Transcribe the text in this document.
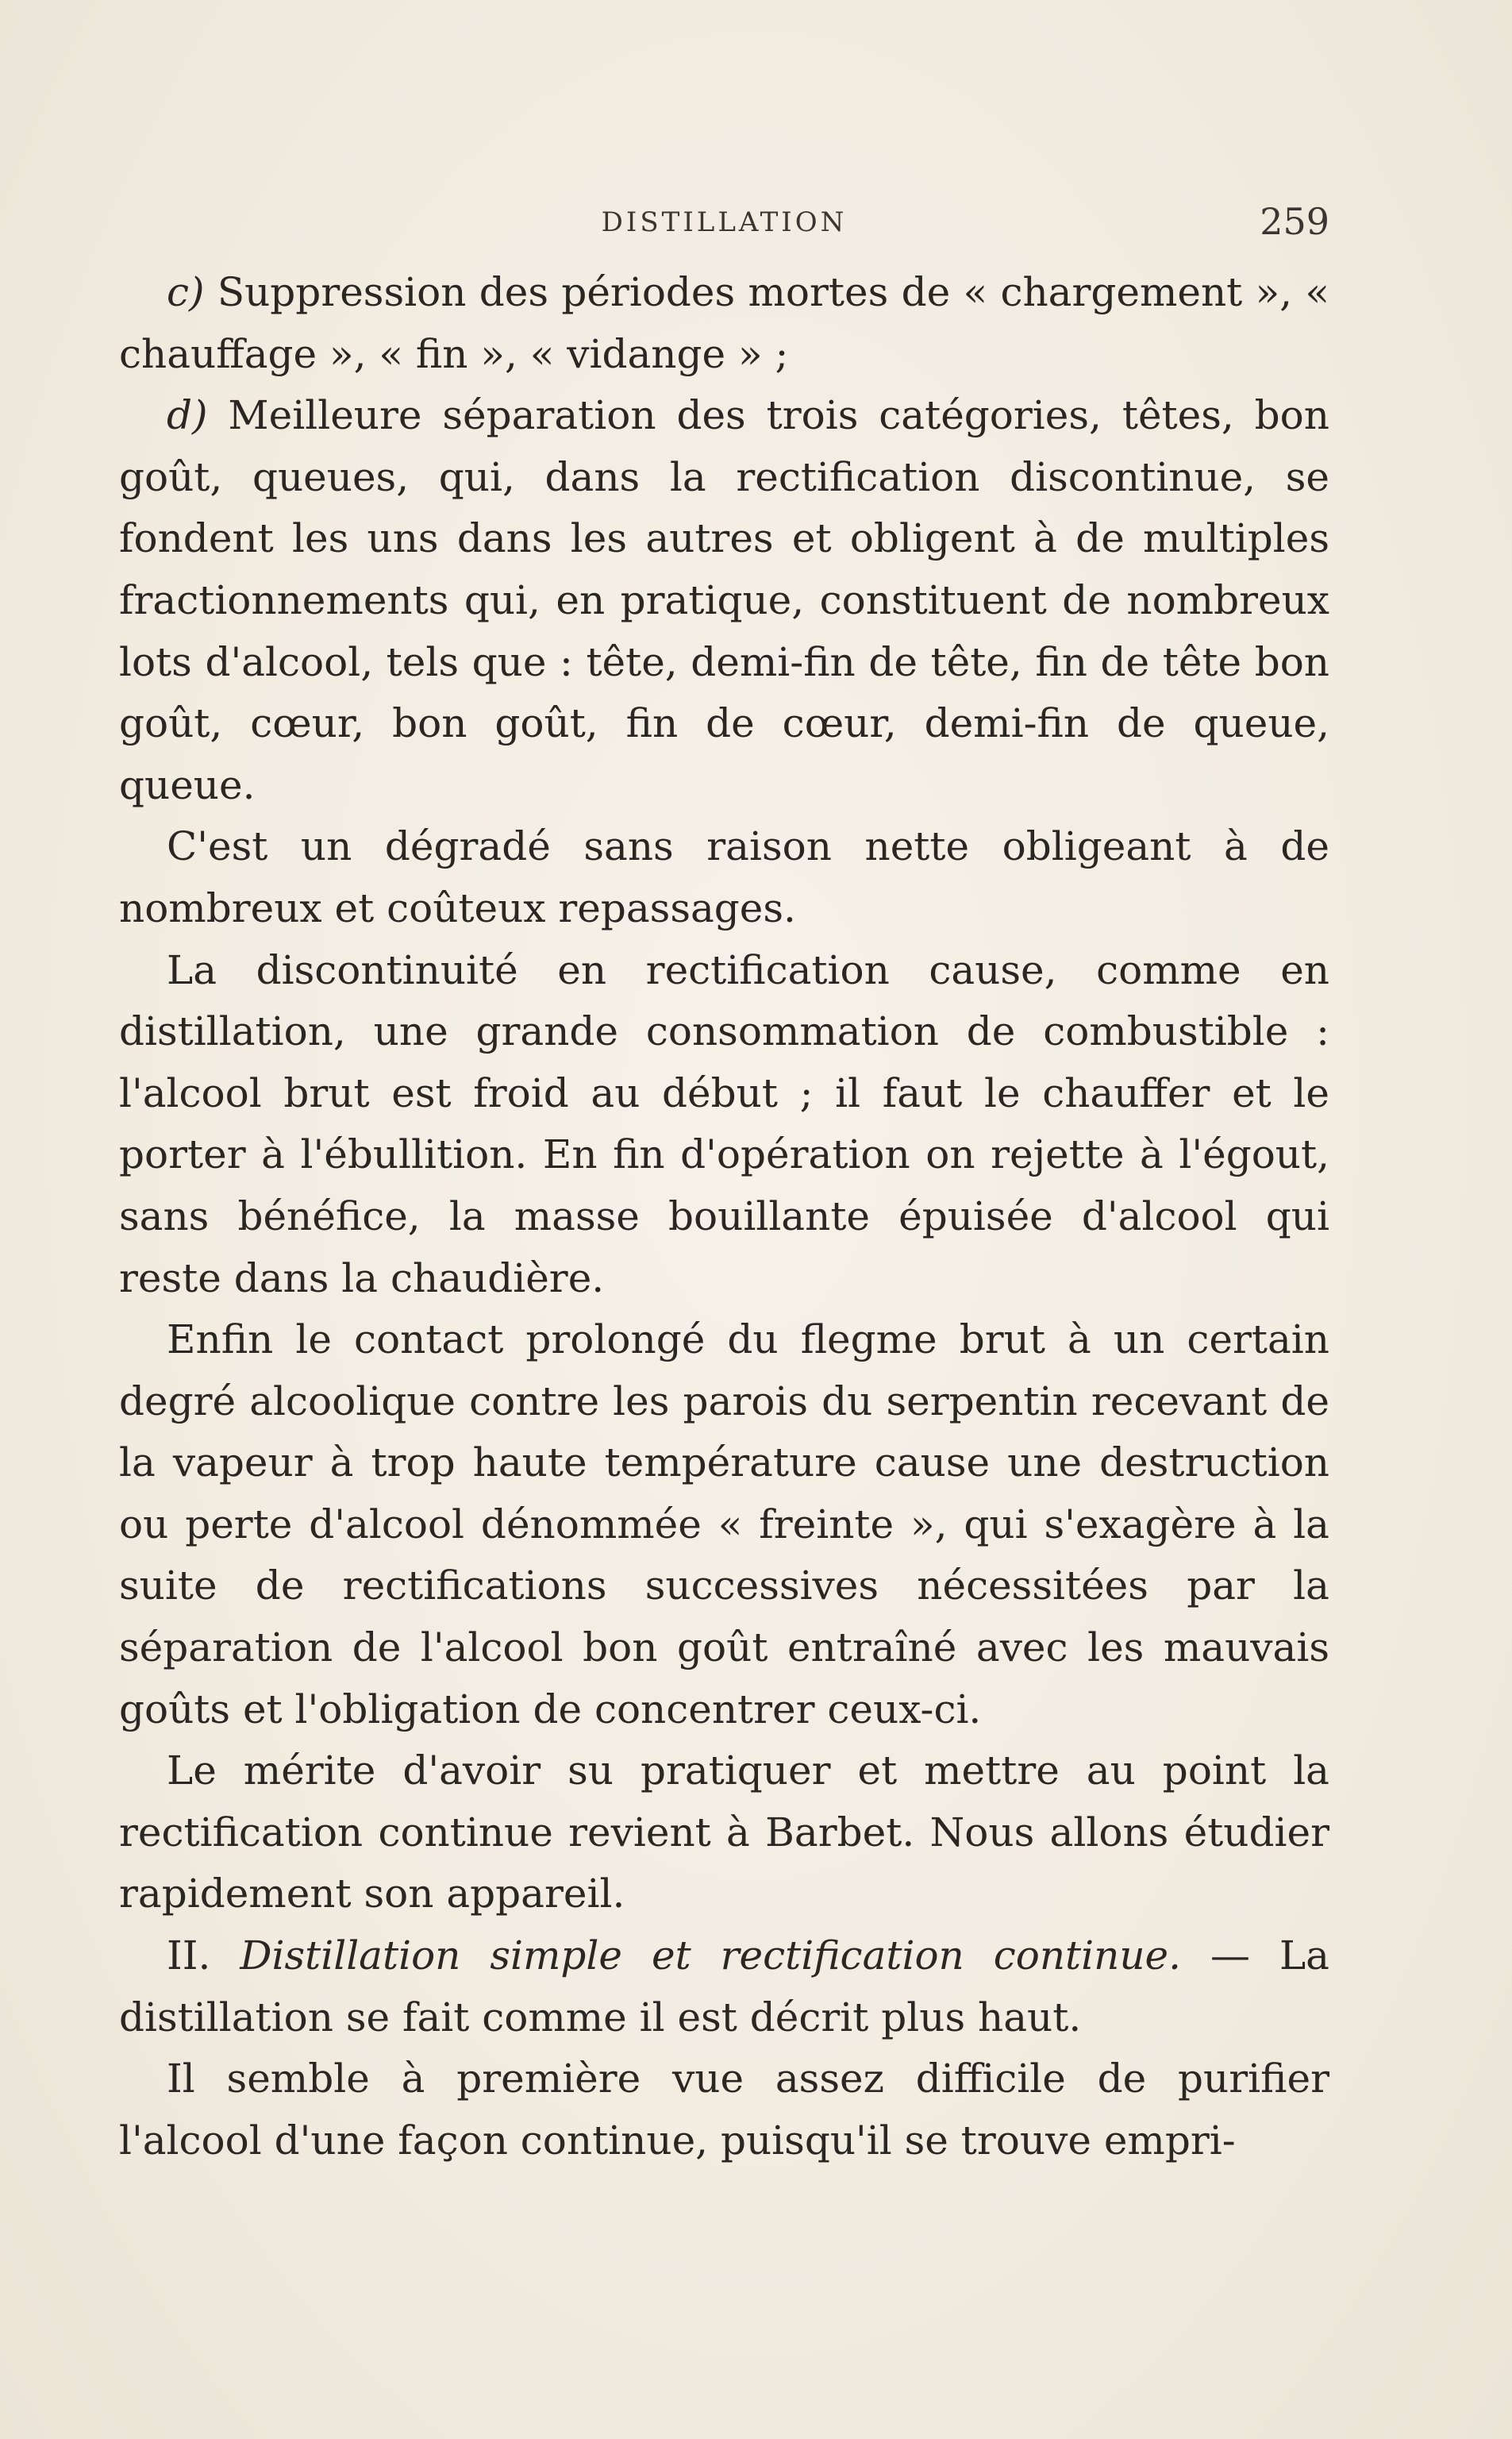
DISTILLATION	259

c) Suppression des périodes mortes de « chargement », « chauffage », « fin », « vidange » ;

d) Meilleure séparation des trois catégories, têtes, bon goût, queues, qui, dans la rectification discontinue, se fondent les uns dans les autres et obligent à de multiples fractionnements qui, en pratique, constituent de nombreux lots d'alcool, tels que : tête, demi-fin de tête, fin de tête bon goût, cœur, bon goût, fin de cœur, demi-fin de queue, queue.

C'est un dégradé sans raison nette obligeant à de nombreux et coûteux repassages.

La discontinuité en rectification cause, comme en distillation, une grande consommation de combustible : l'alcool brut est froid au début ; il faut le chauffer et le porter à l'ébullition. En fin d'opération on rejette à l'égout, sans bénéfice, la masse bouillante épuisée d'alcool qui reste dans la chaudière.

Enfin le contact prolongé du flegme brut à un certain degré alcoolique contre les parois du serpentin recevant de la vapeur à trop haute température cause une destruction ou perte d'alcool dénommée « freinte », qui s'exagère à la suite de rectifications successives nécessitées par la séparation de l'alcool bon goût entraîné avec les mauvais goûts et l'obligation de concentrer ceux-ci.

Le mérite d'avoir su pratiquer et mettre au point la rectification continue revient à Barbet. Nous allons étudier rapidement son appareil.

II. Distillation simple et rectification continue. — La distillation se fait comme il est décrit plus haut.

Il semble à première vue assez difficile de purifier l'alcool d'une façon continue, puisqu'il se trouve empri-
